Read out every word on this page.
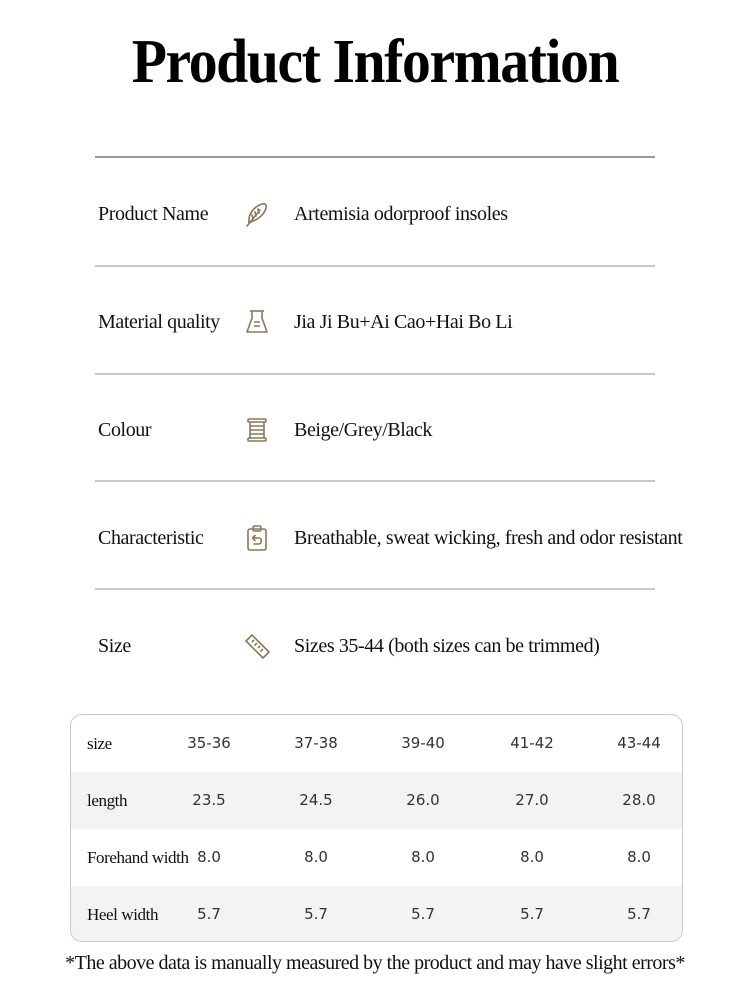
Product Information
Product Name	Artemisia odorproof insoles
Material quality	Jia Ji Bu+Ai Cao+Hai Bo Li
Colour	Beige/Grey/Black
Characteristic	Breathable, sweat wicking, fresh and odor resistant
Size	Sizes 35-44 (both sizes can be trimmed)
size	35-36	37-38	39-40	41-42	43-44
length	23.5	24.5	26.0	27.0	28.0
Forehand width 8.0	8.0	8.0	8.0	8.0
Heel width	5.7	5.7	5.7	5.7	5.7
*The above data is manually measured by the product and may have slight errors*
